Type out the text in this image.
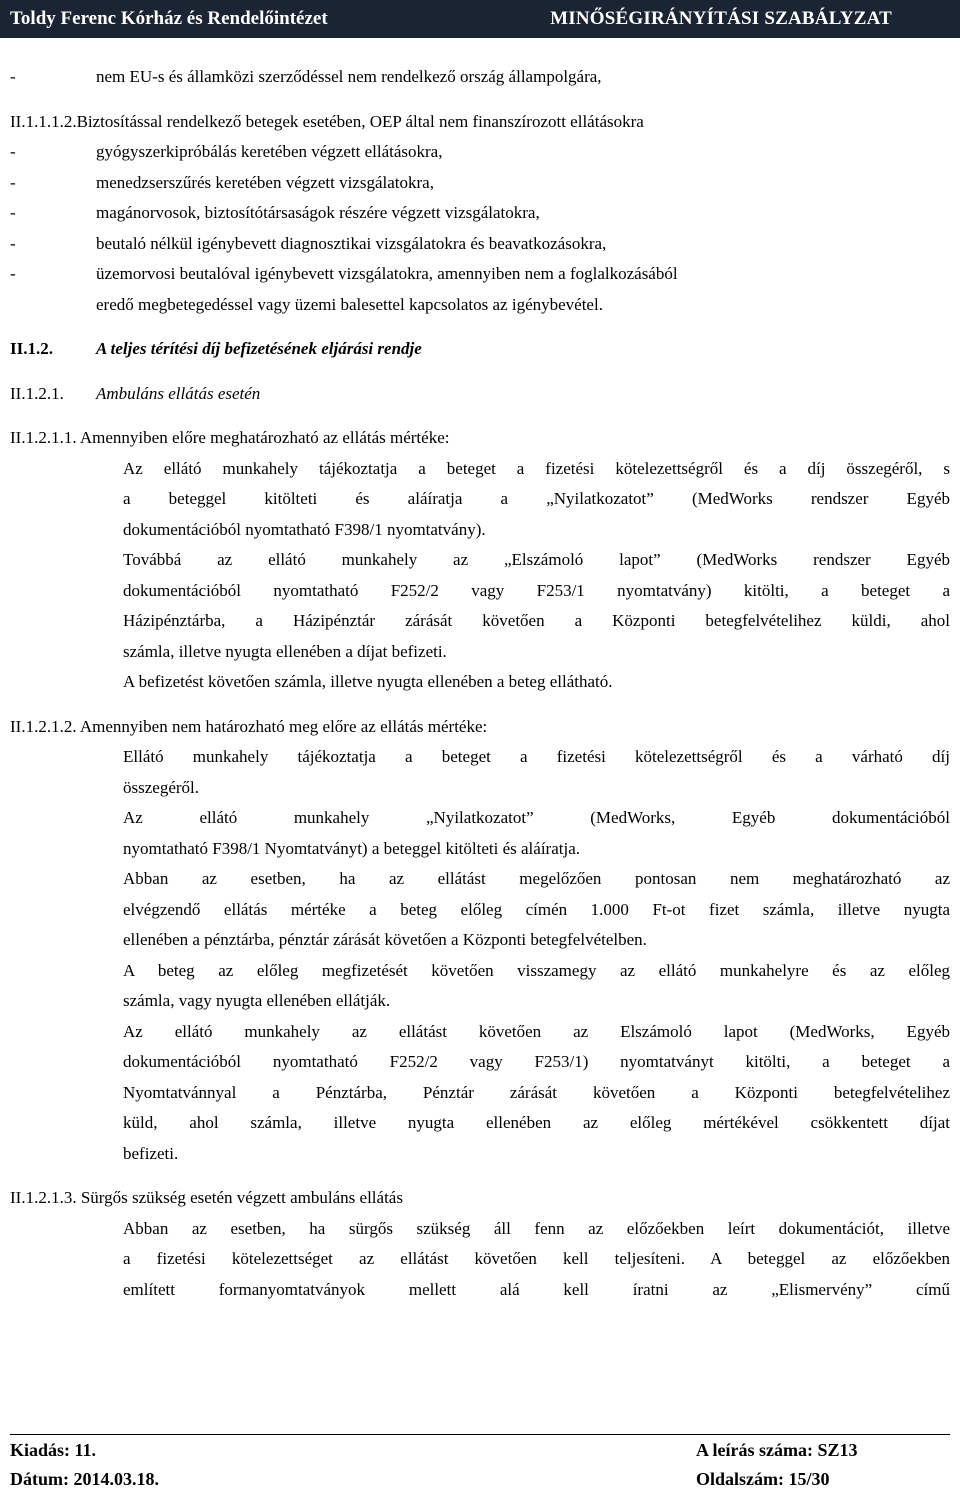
Toldy Ferenc Kórház és Rendelőintézet	MINŐSÉGIRÁNYÍTÁSI SZABÁLYZAT
-	nem EU-s és államközi szerződéssel nem rendelkező ország állampolgára,
II.1.1.1.2.Biztosítással rendelkező betegek esetében, OEP által nem finanszírozott ellátásokra
-	gyógyszerkipróbálás keretében végzett ellátásokra,
-	menedzserszűrés keretében végzett vizsgálatokra,
-	magánorvosok, biztosítótársaságok részére végzett vizsgálatokra,
-	beutaló nélkül igénybevett diagnosztikai vizsgálatokra és beavatkozásokra,
-	üzemorvosi beutalóval igénybevett vizsgálatokra, amennyiben nem a foglalkozásából
eredő megbetegedéssel vagy üzemi balesettel kapcsolatos az igénybevétel.
II.1.2.	A teljes térítési díj befizetésének eljárási rendje
II.1.2.1. Ambuláns ellátás esetén
II.1.2.1.1. Amennyiben előre meghatározható az ellátás mértéke:
Az ellátó munkahely tájékoztatja a beteget a fizetési kötelezettségről és a díj összegéről, s
a beteggel kitölteti és aláíratja a „Nyilatkozatot” (MedWorks rendszer Egyéb
dokumentációból nyomtatható F398/1 nyomtatvány).
Továbbá az ellátó munkahely az „Elszámoló lapot” (MedWorks rendszer Egyéb
dokumentációból nyomtatható F252/2 vagy F253/1 nyomtatvány) kitölti, a beteget a
Házipénztárba, a Házipénztár zárását követően a Központi betegfelvételihez küldi, ahol
számla, illetve nyugta ellenében a díjat befizeti.
A befizetést követően számla, illetve nyugta ellenében a beteg ellátható.
II.1.2.1.2. Amennyiben nem határozható meg előre az ellátás mértéke:
Ellátó munkahely tájékoztatja a beteget a fizetési kötelezettségről és a várható díj
összegéről.
Az ellátó munkahely „Nyilatkozatot” (MedWorks, Egyéb dokumentációból
nyomtatható F398/1 Nyomtatványt) a beteggel kitölteti és aláíratja.
Abban az esetben, ha az ellátást megelőzően pontosan nem meghatározható az
elvégzendő ellátás mértéke a beteg előleg címén 1.000 Ft-ot fizet számla, illetve nyugta
ellenében a pénztárba, pénztár zárását követően a Központi betegfelvételben.
A beteg az előleg megfizetését követően visszamegy az ellátó munkahelyre és az előleg
számla, vagy nyugta ellenében ellátják.
Az ellátó munkahely az ellátást követően az Elszámoló lapot (MedWorks, Egyéb
dokumentációból nyomtatható F252/2 vagy F253/1) nyomtatványt kitölti, a beteget a
Nyomtatvánnyal a Pénztárba, Pénztár zárását követően a Központi betegfelvételihez
küld, ahol számla, illetve nyugta ellenében az előleg mértékével csökkentett díjat
befizeti.
II.1.2.1.3. Sürgős szükség esetén végzett ambuláns ellátás
Abban az esetben, ha sürgős szükség áll fenn az előzőekben leírt dokumentációt, illetve
a fizetési kötelezettséget az ellátást követően kell teljesíteni. A beteggel az előzőekben
említett formanyomtatványok mellett alá kell íratni az „Elismervény” című
Kiadás: 11.	A leírás száma: SZ13
Dátum: 2014.03.18.	Oldalszám: 15/30
